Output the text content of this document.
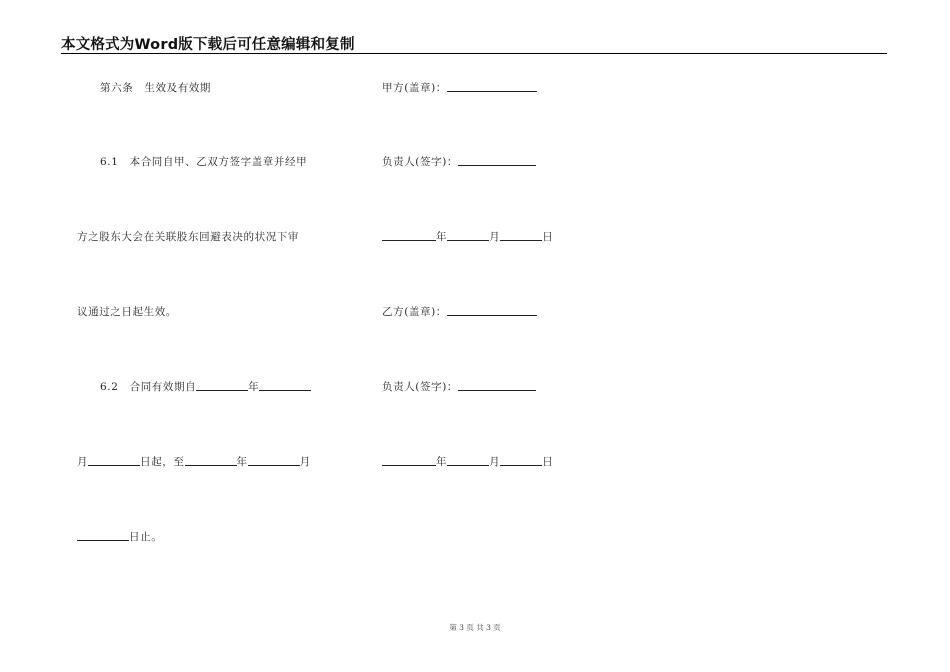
本文格式为Word版下载后可任意编辑和复制
第六条　生效及有效期
6.1　本合同自甲、乙双方签字盖章并经甲
方之股东大会在关联股东回避表决的状况下审
议通过之日起生效。
6.2　合同有效期自	年
月	日起，至	年	月
日止。
甲方(盖章)：
负责人(签字)：
年	月	日
乙方(盖章)：
负责人(签字)：
年	月	日
第 3 页 共 3 页
